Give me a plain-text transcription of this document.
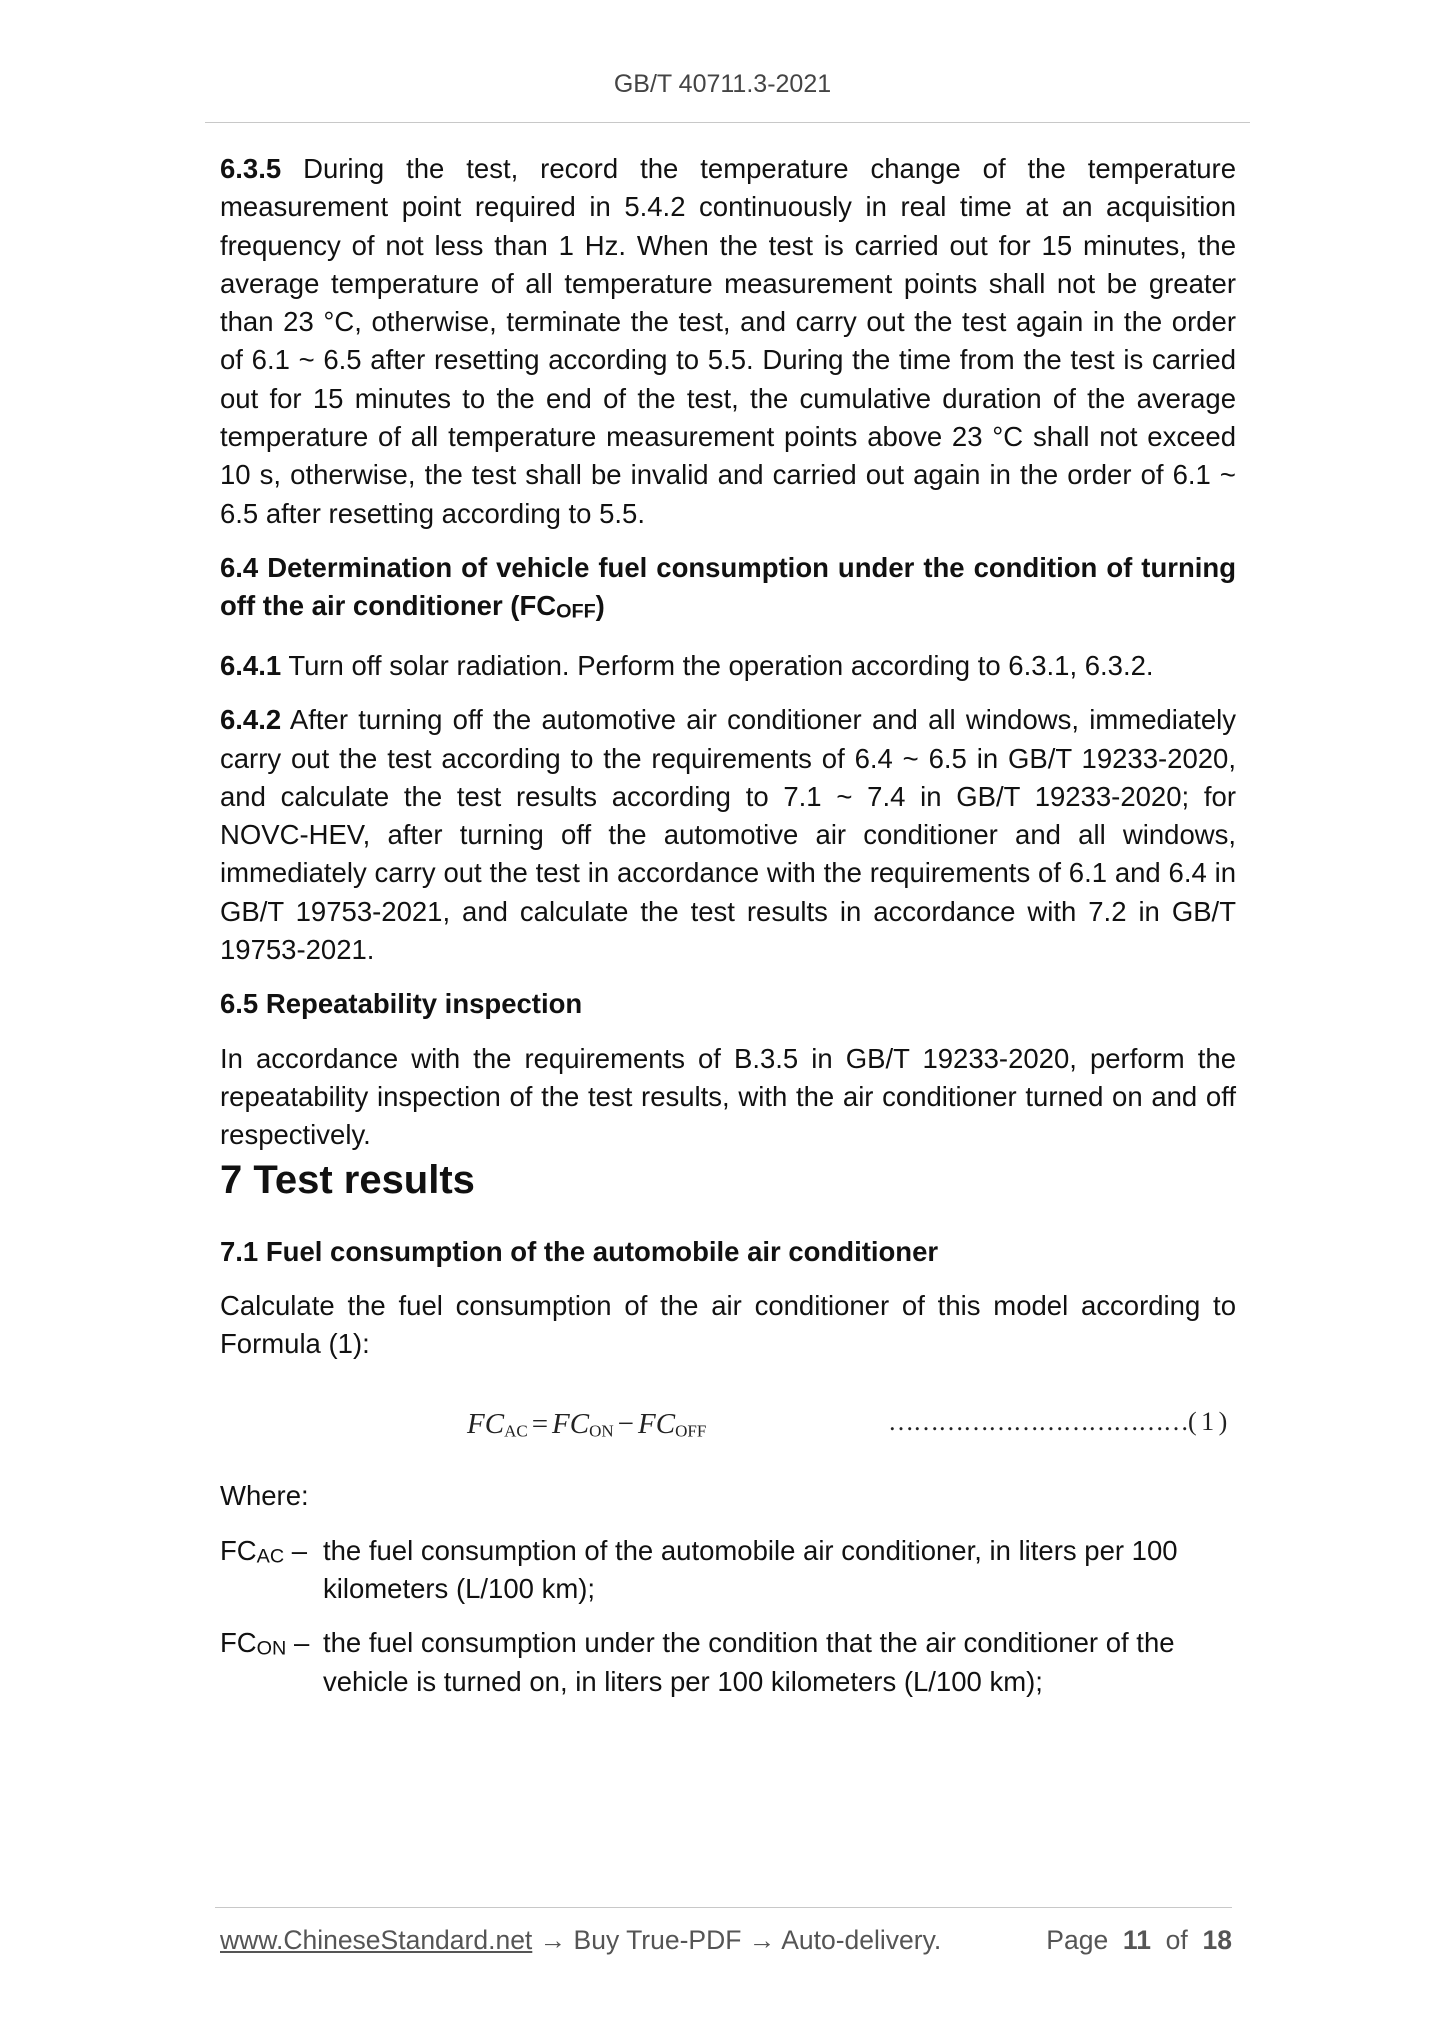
GB/T 40711.3-2021

6.3.5 During the test, record the temperature change of the temperature measurement point required in 5.4.2 continuously in real time at an acquisition frequency of not less than 1 Hz. When the test is carried out for 15 minutes, the average temperature of all temperature measurement points shall not be greater than 23 °C, otherwise, terminate the test, and carry out the test again in the order of 6.1 ~ 6.5 after resetting according to 5.5. During the time from the test is carried out for 15 minutes to the end of the test, the cumulative duration of the average temperature of all temperature measurement points above 23 °C shall not exceed 10 s, otherwise, the test shall be invalid and carried out again in the order of 6.1 ~ 6.5 after resetting according to 5.5.

6.4 Determination of vehicle fuel consumption under the condition of turning off the air conditioner (FCOFF)

6.4.1 Turn off solar radiation. Perform the operation according to 6.3.1, 6.3.2.

6.4.2 After turning off the automotive air conditioner and all windows, immediately carry out the test according to the requirements of 6.4 ~ 6.5 in GB/T 19233-2020, and calculate the test results according to 7.1 ~ 7.4 in GB/T 19233-2020; for NOVC-HEV, after turning off the automotive air conditioner and all windows, immediately carry out the test in accordance with the requirements of 6.1 and 6.4 in GB/T 19753-2021, and calculate the test results in accordance with 7.2 in GB/T 19753-2021.

6.5 Repeatability inspection

In accordance with the requirements of B.3.5 in GB/T 19233-2020, perform the repeatability inspection of the test results, with the air conditioner turned on and off respectively.

7 Test results

7.1 Fuel consumption of the automobile air conditioner

Calculate the fuel consumption of the air conditioner of this model according to Formula (1):

FCAC = FCON − FCOFF	………………………………( 1 )

Where:

FCAC – the fuel consumption of the automobile air conditioner, in liters per 100 kilometers (L/100 km);
FCON – the fuel consumption under the condition that the air conditioner of the vehicle is turned on, in liters per 100 kilometers (L/100 km);
www.ChineseStandard.net → Buy True-PDF → Auto-delivery.	Page 11 of 18
